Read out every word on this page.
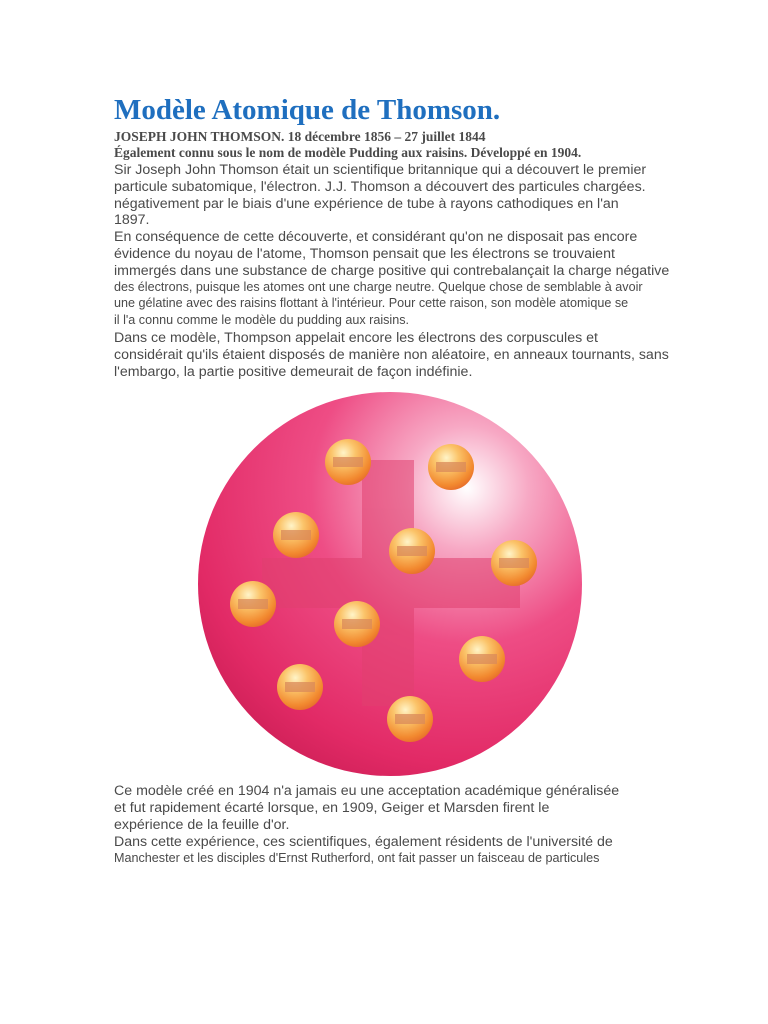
Modèle Atomique de Thomson.

JOSEPH JOHN THOMSON. 18 décembre 1856 – 27 juillet 1844

Également connu sous le nom de modèle Pudding aux raisins. Développé en 1904.

Sir Joseph John Thomson était un scientifique britannique qui a découvert le premier

particule subatomique, l'électron. J.J. Thomson a découvert des particules chargées.

négativement par le biais d'une expérience de tube à rayons cathodiques en l'an

1897.

En conséquence de cette découverte, et considérant qu'on ne disposait pas encore

évidence du noyau de l'atome, Thomson pensait que les électrons se trouvaient

immergés dans une substance de charge positive qui contrebalançait la charge négative

des électrons, puisque les atomes ont une charge neutre. Quelque chose de semblable à avoir

une gélatine avec des raisins flottant à l'intérieur. Pour cette raison, son modèle atomique se

il l'a connu comme le modèle du pudding aux raisins.

Dans ce modèle, Thompson appelait encore les électrons des corpuscules et

considérait qu'ils étaient disposés de manière non aléatoire, en anneaux tournants, sans

l'embargo, la partie positive demeurait de façon indéfinie.

Ce modèle créé en 1904 n'a jamais eu une acceptation académique généralisée

et fut rapidement écarté lorsque, en 1909, Geiger et Marsden firent le

expérience de la feuille d'or.

Dans cette expérience, ces scientifiques, également résidents de l'université de

Manchester et les disciples d'Ernst Rutherford, ont fait passer un faisceau de particules
